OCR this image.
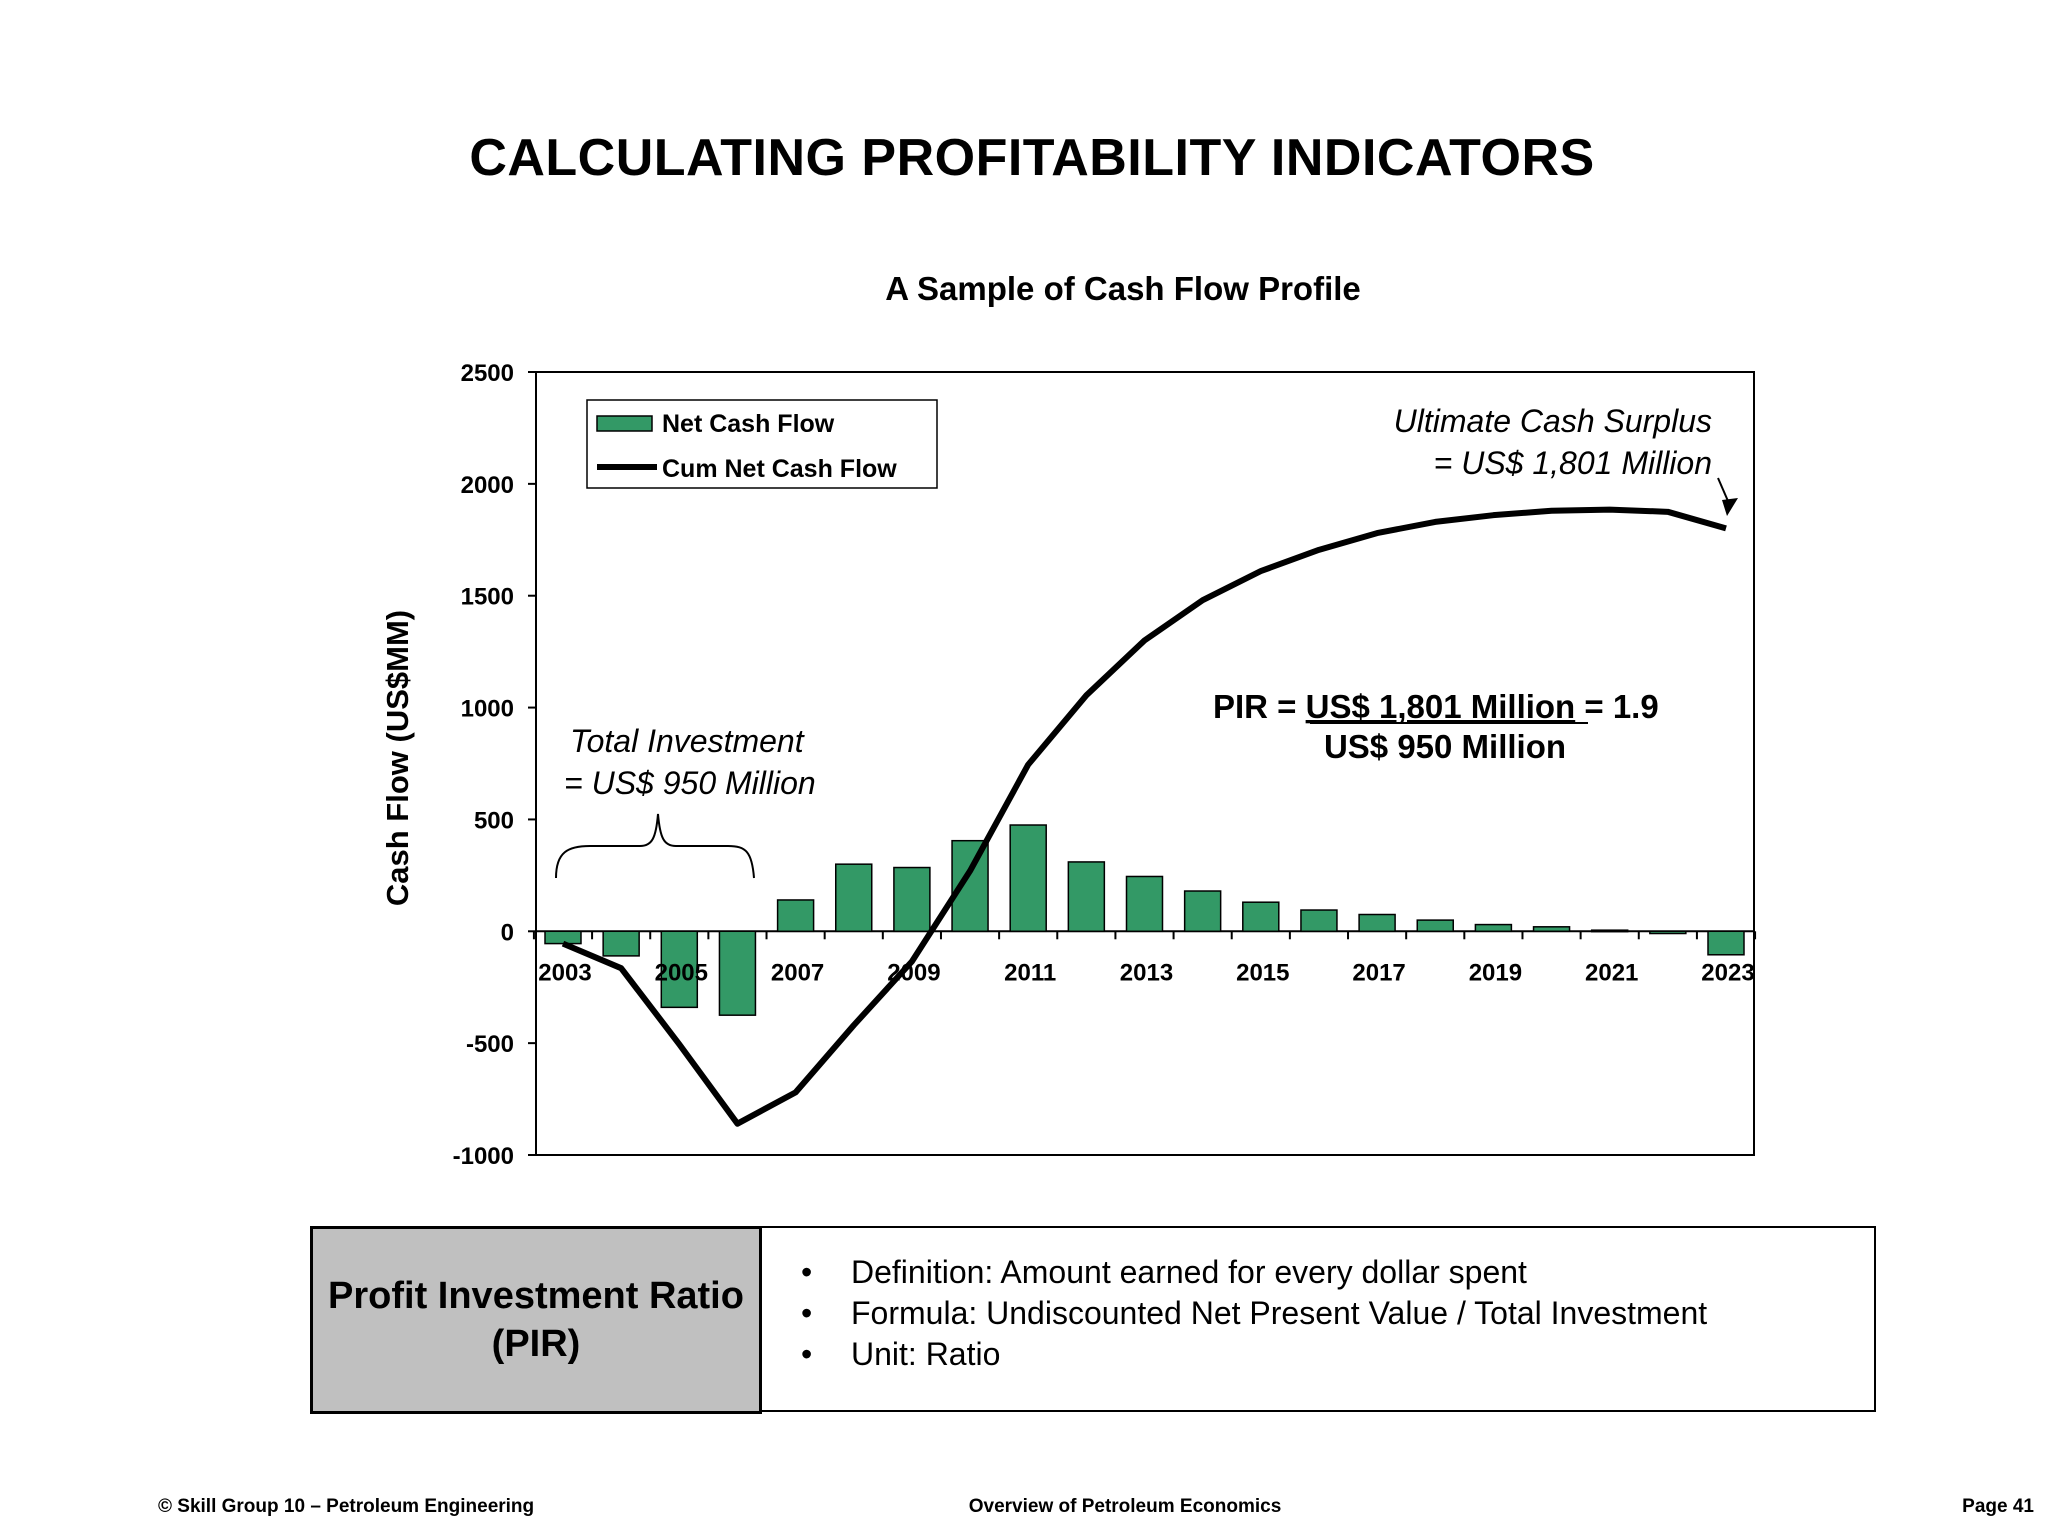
CALCULATING PROFITABILITY INDICATORS
A Sample of Cash Flow Profile
Cash Flow (US$MM)
2500
2000
1500
1000
500
0
-500
-1000
2003	2005	2007	2009	2011	2013	2015	2017	2019	2021	2023
Net Cash Flow
Cum Net Cash Flow
Total Investment
= US$ 950 Million
Ultimate Cash Surplus
= US$ 1,801 Million
PIR = US$ 1,801 Million = 1.9
US$ 950 Million
Profit Investment Ratio
(PIR)
• Definition: Amount earned for every dollar spent
• Formula: Undiscounted Net Present Value / Total Investment
• Unit: Ratio
© Skill Group 10 – Petroleum Engineering	Overview of Petroleum Economics	Page 41
